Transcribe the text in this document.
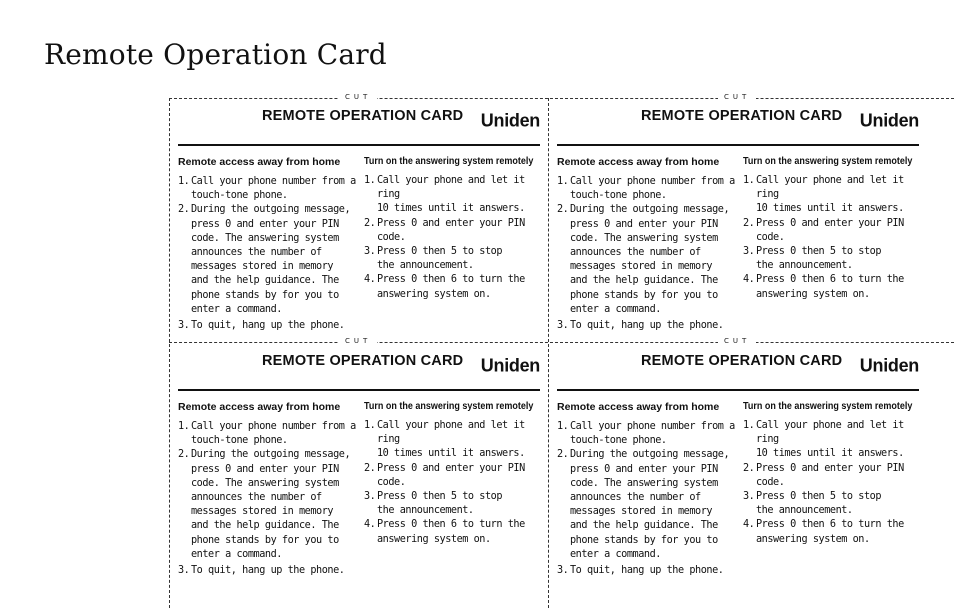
Remote Operation Card
CUT	CUT
CUT	CUT
REMOTE OPERATION CARD Uniden
Remote access away from home
1. Call your phone number from a
touch-tone phone.
2. During the outgoing message,
press 0 and enter your PIN
code. The answering system
announces the number of
messages stored in memory
and the help guidance. The
phone stands by for you to
enter a command.
3. To quit, hang up the phone.
Turn on the answering system remotely
1. Call your phone and let it ring
10 times until it answers.
2. Press 0 and enter your PIN
code.
3. Press 0 then 5 to stop
the announcement.
4. Press 0 then 6 to turn the
answering system on.
REMOTE OPERATION CARD Uniden
Remote access away from home
1. Call your phone number from a
touch-tone phone.
2. During the outgoing message,
press 0 and enter your PIN
code. The answering system
announces the number of
messages stored in memory
and the help guidance. The
phone stands by for you to
enter a command.
3. To quit, hang up the phone.
Turn on the answering system remotely
1. Call your phone and let it ring
10 times until it answers.
2. Press 0 and enter your PIN
code.
3. Press 0 then 5 to stop
the announcement.
4. Press 0 then 6 to turn the
answering system on.
REMOTE OPERATION CARD Uniden
Remote access away from home
1. Call your phone number from a
touch-tone phone.
2. During the outgoing message,
press 0 and enter your PIN
code. The answering system
announces the number of
messages stored in memory
and the help guidance. The
phone stands by for you to
enter a command.
3. To quit, hang up the phone.
Turn on the answering system remotely
1. Call your phone and let it ring
10 times until it answers.
2. Press 0 and enter your PIN
code.
3. Press 0 then 5 to stop
the announcement.
4. Press 0 then 6 to turn the
answering system on.
REMOTE OPERATION CARD Uniden
Remote access away from home
1. Call your phone number from a
touch-tone phone.
2. During the outgoing message,
press 0 and enter your PIN
code. The answering system
announces the number of
messages stored in memory
and the help guidance. The
phone stands by for you to
enter a command.
3. To quit, hang up the phone.
Turn on the answering system remotely
1. Call your phone and let it ring
10 times until it answers.
2. Press 0 and enter your PIN
code.
3. Press 0 then 5 to stop
the announcement.
4. Press 0 then 6 to turn the
answering system on.
